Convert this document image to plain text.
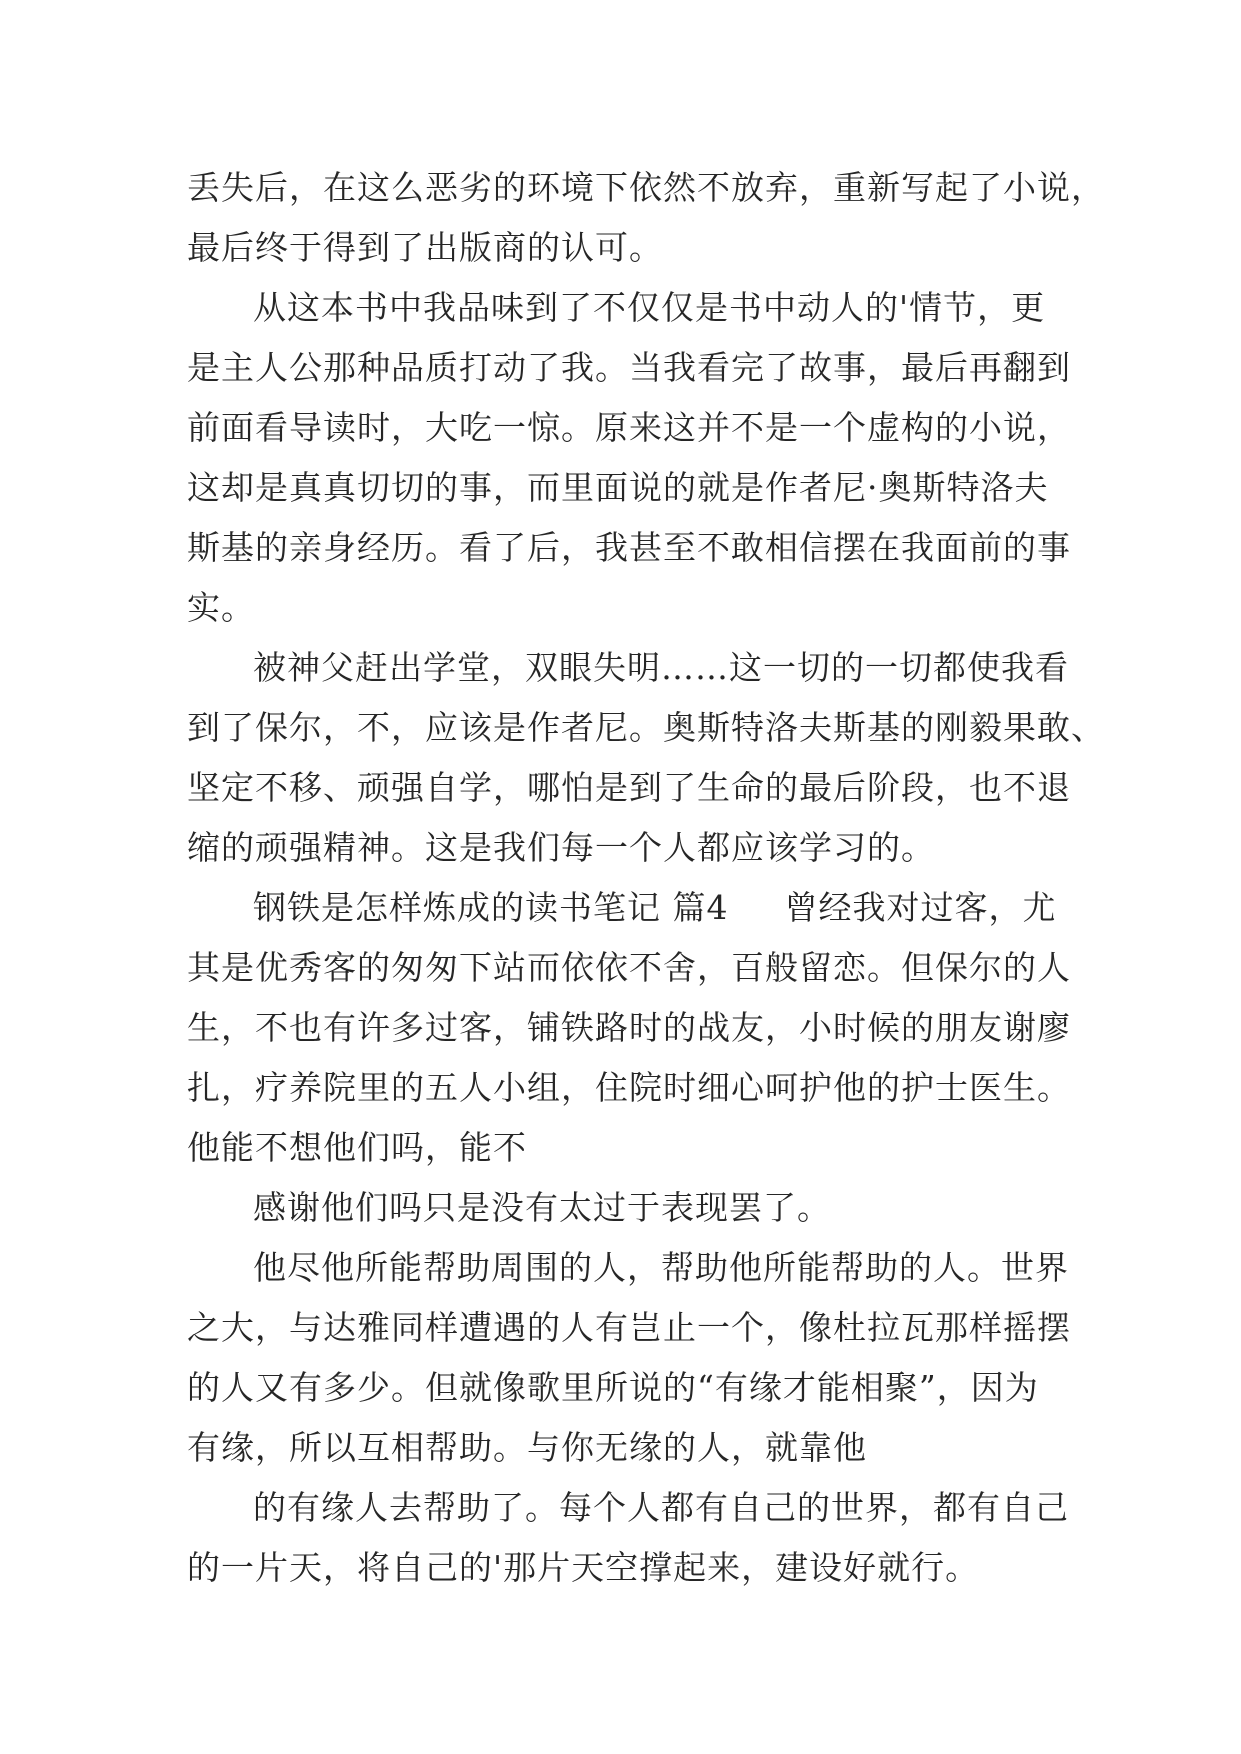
丢失后，在这么恶劣的环境下依然不放弃，重新写起了小说，
最后终于得到了出版商的认可。
从这本书中我品味到了不仅仅是书中动人的'情节，更
是主人公那种品质打动了我。当我看完了故事，最后再翻到
前面看导读时，大吃一惊。原来这并不是一个虚构的小说，
这却是真真切切的事，而里面说的就是作者尼·奥斯特洛夫
斯基的亲身经历。看了后，我甚至不敢相信摆在我面前的事
实。
被神父赶出学堂，双眼失明……这一切的一切都使我看
到了保尔，不，应该是作者尼。奥斯特洛夫斯基的刚毅果敢、
坚定不移、顽强自学，哪怕是到了生命的最后阶段，也不退
缩的顽强精神。这是我们每一个人都应该学习的。
钢铁是怎样炼成的读书笔记 篇4 曾经我对过客，尤
其是优秀客的匆匆下站而依依不舍，百般留恋。但保尔的人
生，不也有许多过客，铺铁路时的战友，小时候的朋友谢廖
扎，疗养院里的五人小组，住院时细心呵护他的护士医生。
他能不想他们吗，能不
感谢他们吗只是没有太过于表现罢了。
他尽他所能帮助周围的人，帮助他所能帮助的人。世界
之大，与达雅同样遭遇的人有岂止一个，像杜拉瓦那样摇摆
的人又有多少。但就像歌里所说的“有缘才能相聚”，因为
有缘，所以互相帮助。与你无缘的人，就靠他
的有缘人去帮助了。每个人都有自己的世界，都有自己
的一片天，将自己的'那片天空撑起来，建设好就行。
